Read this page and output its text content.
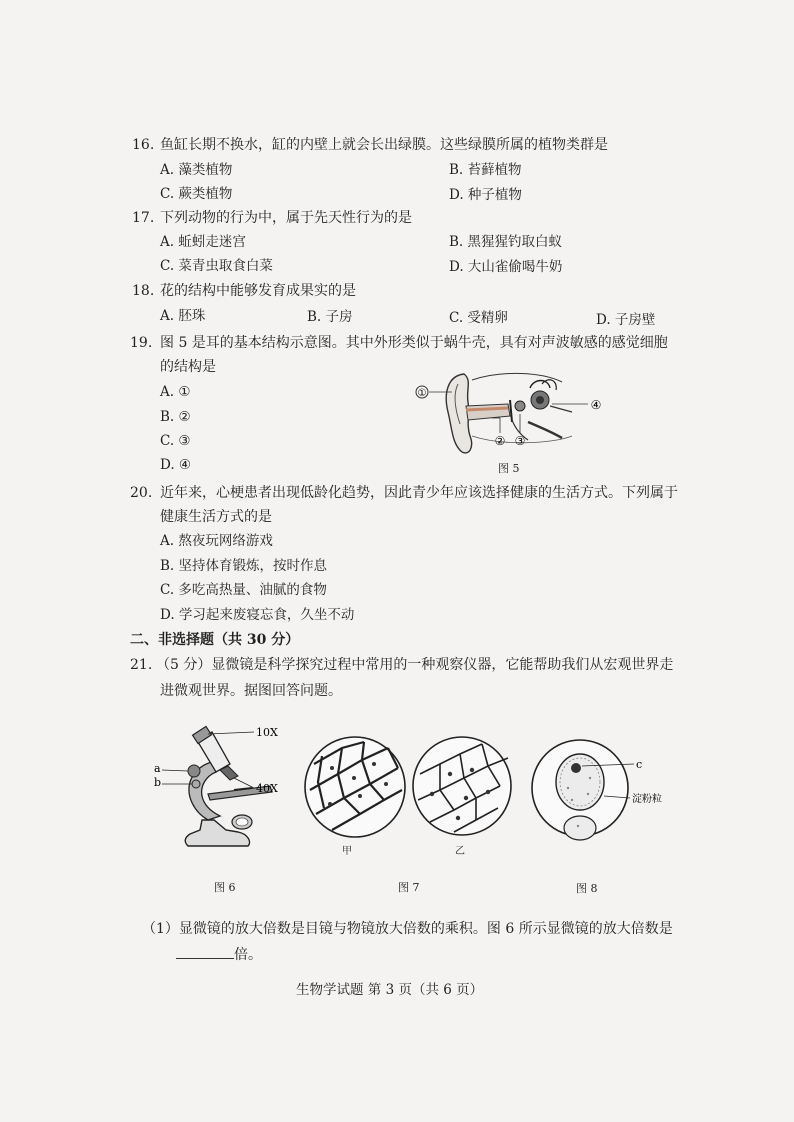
16. 鱼缸长期不换水，缸的内壁上就会长出绿膜。这些绿膜所属的植物类群是
A. 藻类植物	B. 苔藓植物
C. 蕨类植物	D. 种子植物
17. 下列动物的行为中，属于先天性行为的是
A. 蚯蚓走迷宫	B. 黑猩猩钓取白蚁
C. 菜青虫取食白菜	D. 大山雀偷喝牛奶
18. 花的结构中能够发育成果实的是
A. 胚珠	B. 子房	C. 受精卵	D. 子房壁
19. 图 5 是耳的基本结构示意图。其中外形类似于蜗牛壳，具有对声波敏感的感觉细胞
的结构是
A. ①
B. ②
C. ③
D. ④
①
② ③
④
图 5
20. 近年来，心梗患者出现低龄化趋势，因此青少年应该选择健康的生活方式。下列属于
健康生活方式的是
A. 熬夜玩网络游戏
B. 坚持体育锻炼，按时作息
C. 多吃高热量、油腻的食物
D. 学习起来废寝忘食，久坐不动
二、非选择题（共 30 分）
21. （5 分）显微镜是科学探究过程中常用的一种观察仪器，它能帮助我们从宏观世界走
进微观世界。据图回答问题。
10X
40X
a
b
图 6
甲	乙
图 7
c
淀粉粒
图 8
（1）显微镜的放大倍数是目镜与物镜放大倍数的乘积。图 6 所示显微镜的放大倍数是
倍。
生物学试题 第 3 页（共 6 页）
